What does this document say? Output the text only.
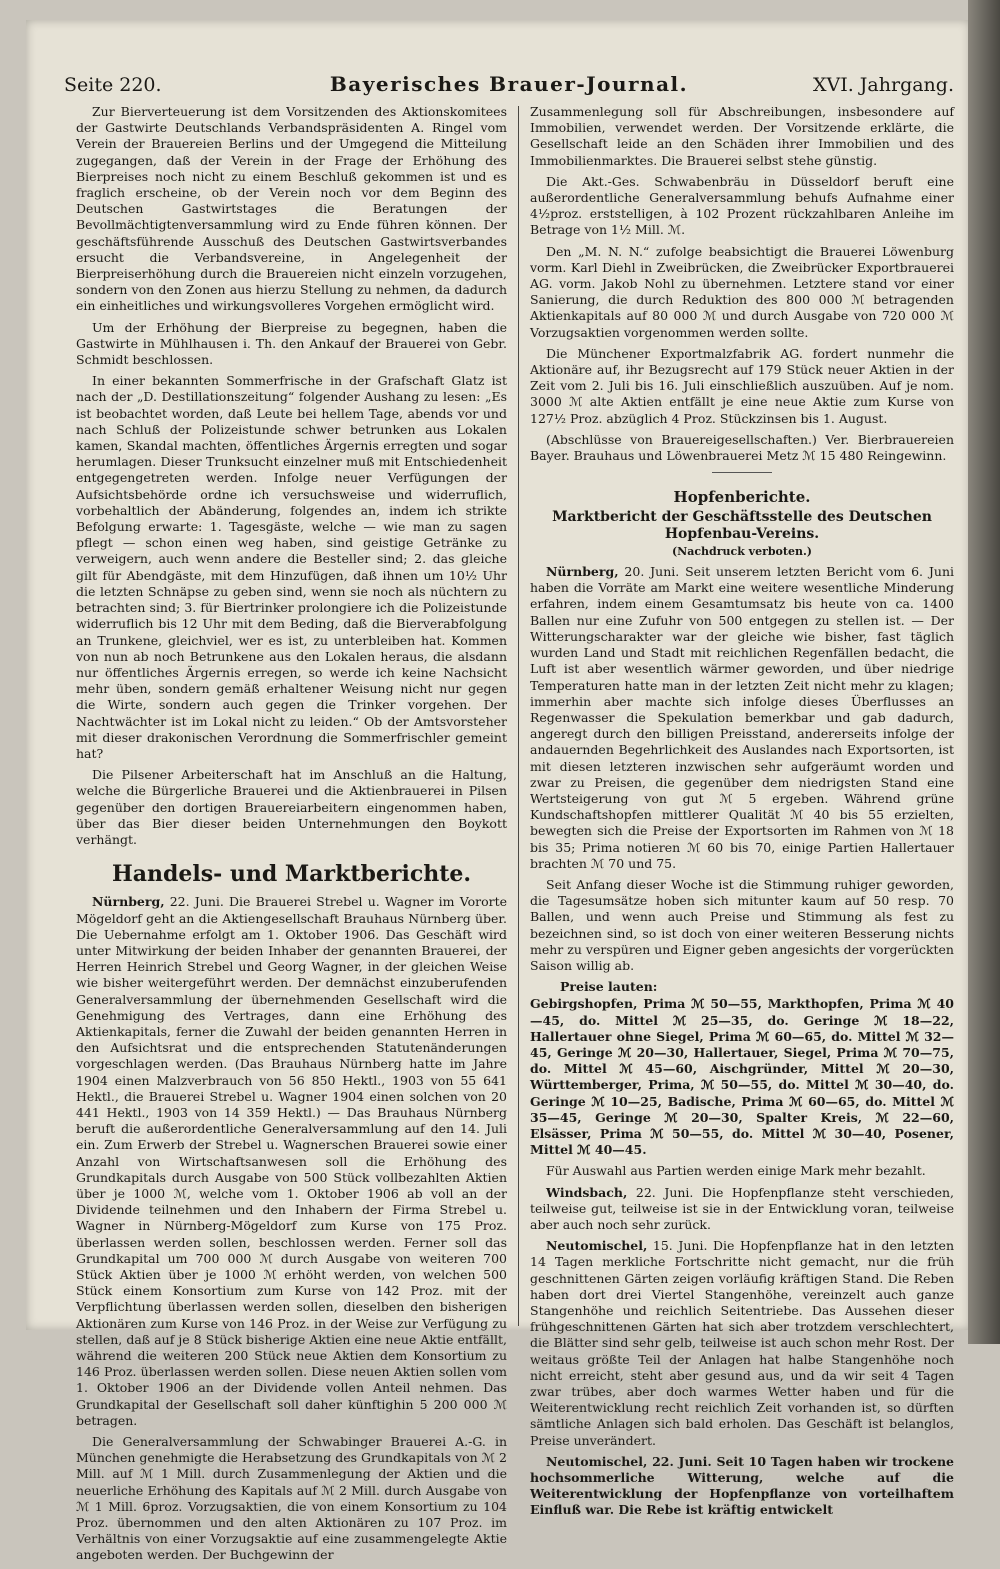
Seite 220.	Bayerisches Brauer-Journal.	XVI. Jahrgang.

Zur Bierverteuerung ist dem Vorsitzenden des Aktionskomitees der Gastwirte Deutschlands Verbandspräsidenten A. Ringel vom Verein der Brauereien Berlins und der Umgegend die Mitteilung zugegangen, daß der Verein in der Frage der Erhöhung des Bierpreises noch nicht zu einem Beschluß gekommen ist und es fraglich erscheine, ob der Verein noch vor dem Beginn des Deutschen Gastwirtstages die Beratungen der Bevollmächtigtenversammlung wird zu Ende führen können. Der geschäftsführende Ausschuß des Deutschen Gastwirtsverbandes ersucht die Verbandsvereine, in Angelegenheit der Bierpreiserhöhung durch die Brauereien nicht einzeln vorzugehen, sondern von den Zonen aus hierzu Stellung zu nehmen, da dadurch ein einheitliches und wirkungsvolleres Vorgehen ermöglicht wird.

Um der Erhöhung der Bierpreise zu begegnen, haben die Gastwirte in Mühlhausen i. Th. den Ankauf der Brauerei von Gebr. Schmidt beschlossen.

In einer bekannten Sommerfrische in der Grafschaft Glatz ist nach der „D. Destillationszeitung“ folgender Aushang zu lesen: „Es ist beobachtet worden, daß Leute bei hellem Tage, abends vor und nach Schluß der Polizeistunde schwer betrunken aus Lokalen kamen, Skandal machten, öffentliches Ärgernis erregten und sogar herumlagen. Dieser Trunksucht einzelner muß mit Entschiedenheit entgegengetreten werden. Infolge neuer Verfügungen der Aufsichtsbehörde ordne ich versuchsweise und widerruflich, vorbehaltlich der Abänderung, folgendes an, indem ich strikte Befolgung erwarte: 1. Tagesgäste, welche — wie man zu sagen pflegt — schon einen weg haben, sind geistige Getränke zu verweigern, auch wenn andere die Besteller sind; 2. das gleiche gilt für Abendgäste, mit dem Hinzufügen, daß ihnen um 10½ Uhr die letzten Schnäpse zu geben sind, wenn sie noch als nüchtern zu betrachten sind; 3. für Biertrinker prolongiere ich die Polizeistunde widerruflich bis 12 Uhr mit dem Beding, daß die Bierverabfolgung an Trunkene, gleichviel, wer es ist, zu unterbleiben hat. Kommen von nun ab noch Betrunkene aus den Lokalen heraus, die alsdann nur öffentliches Ärgernis erregen, so werde ich keine Nachsicht mehr üben, sondern gemäß erhaltener Weisung nicht nur gegen die Wirte, sondern auch gegen die Trinker vorgehen. Der Nachtwächter ist im Lokal nicht zu leiden.“ Ob der Amtsvorsteher mit dieser drakonischen Verordnung die Sommerfrischler gemeint hat?

Die Pilsener Arbeiterschaft hat im Anschluß an die Haltung, welche die Bürgerliche Brauerei und die Aktienbrauerei in Pilsen gegenüber den dortigen Brauereiarbeitern eingenommen haben, über das Bier dieser beiden Unternehmungen den Boykott verhängt.

Handels- und Marktberichte.

Nürnberg, 22. Juni. Die Brauerei Strebel u. Wagner im Vororte Mögeldorf geht an die Aktiengesellschaft Brauhaus Nürnberg über. Die Uebernahme erfolgt am 1. Oktober 1906. Das Geschäft wird unter Mitwirkung der beiden Inhaber der genannten Brauerei, der Herren Heinrich Strebel und Georg Wagner, in der gleichen Weise wie bisher weitergeführt werden. Der demnächst einzuberufenden Generalversammlung der übernehmenden Gesellschaft wird die Genehmigung des Vertrages, dann eine Erhöhung des Aktienkapitals, ferner die Zuwahl der beiden genannten Herren in den Aufsichtsrat und die entsprechenden Statutenänderungen vorgeschlagen werden. (Das Brauhaus Nürnberg hatte im Jahre 1904 einen Malzverbrauch von 56 850 Hektl., 1903 von 55 641 Hektl., die Brauerei Strebel u. Wagner 1904 einen solchen von 20 441 Hektl., 1903 von 14 359 Hektl.) — Das Brauhaus Nürnberg beruft die außerordentliche Generalversammlung auf den 14. Juli ein. Zum Erwerb der Strebel u. Wagnerschen Brauerei sowie einer Anzahl von Wirtschaftsanwesen soll die Erhöhung des Grundkapitals durch Ausgabe von 500 Stück vollbezahlten Aktien über je 1000 ℳ, welche vom 1. Oktober 1906 ab voll an der Dividende teilnehmen und den Inhabern der Firma Strebel u. Wagner in Nürnberg-Mögeldorf zum Kurse von 175 Proz. überlassen werden sollen, beschlossen werden. Ferner soll das Grundkapital um 700 000 ℳ durch Ausgabe von weiteren 700 Stück Aktien über je 1000 ℳ erhöht werden, von welchen 500 Stück einem Konsortium zum Kurse von 142 Proz. mit der Verpflichtung überlassen werden sollen, dieselben den bisherigen Aktionären zum Kurse von 146 Proz. in der Weise zur Verfügung zu stellen, daß auf je 8 Stück bisherige Aktien eine neue Aktie entfällt, während die weiteren 200 Stück neue Aktien dem Konsortium zu 146 Proz. überlassen werden sollen. Diese neuen Aktien sollen vom 1. Oktober 1906 an der Dividende vollen Anteil nehmen. Das Grundkapital der Gesellschaft soll daher künftighin 5 200 000 ℳ betragen.

Die Generalversammlung der Schwabinger Brauerei A.-G. in München genehmigte die Herabsetzung des Grundkapitals von ℳ 2 Mill. auf ℳ 1 Mill. durch Zusammenlegung der Aktien und die neuerliche Erhöhung des Kapitals auf ℳ 2 Mill. durch Ausgabe von ℳ 1 Mill. 6proz. Vorzugsaktien, die von einem Konsortium zu 104 Proz. übernommen und den alten Aktionären zu 107 Proz. im Verhältnis von einer Vorzugsaktie auf eine zusammengelegte Aktie angeboten werden. Der Buchgewinn der

Zusammenlegung soll für Abschreibungen, insbesondere auf Immobilien, verwendet werden. Der Vorsitzende erklärte, die Gesellschaft leide an den Schäden ihrer Immobilien und des Immobilienmarktes. Die Brauerei selbst stehe günstig.

Die Akt.-Ges. Schwabenbräu in Düsseldorf beruft eine außerordentliche Generalversammlung behufs Aufnahme einer 4½proz. erststelligen, à 102 Prozent rückzahlbaren Anleihe im Betrage von 1½ Mill. ℳ.

Den „M. N. N.“ zufolge beabsichtigt die Brauerei Löwenburg vorm. Karl Diehl in Zweibrücken, die Zweibrücker Exportbrauerei AG. vorm. Jakob Nohl zu übernehmen. Letztere stand vor einer Sanierung, die durch Reduktion des 800 000 ℳ betragenden Aktienkapitals auf 80 000 ℳ und durch Ausgabe von 720 000 ℳ Vorzugsaktien vorgenommen werden sollte.

Die Münchener Exportmalzfabrik AG. fordert nunmehr die Aktionäre auf, ihr Bezugsrecht auf 179 Stück neuer Aktien in der Zeit vom 2. Juli bis 16. Juli einschließlich auszuüben. Auf je nom. 3000 ℳ alte Aktien entfällt je eine neue Aktie zum Kurse von 127½ Proz. abzüglich 4 Proz. Stückzinsen bis 1. August.

(Abschlüsse von Brauereigesellschaften.) Ver. Bierbrauereien Bayer. Brauhaus und Löwenbrauerei Metz ℳ 15 480 Reingewinn.

Hopfenberichte.
Marktbericht der Geschäftsstelle des Deutschen Hopfenbau-Vereins.
(Nachdruck verboten.)

Nürnberg, 20. Juni. Seit unserem letzten Bericht vom 6. Juni haben die Vorräte am Markt eine weitere wesentliche Minderung erfahren, indem einem Gesamtumsatz bis heute von ca. 1400 Ballen nur eine Zufuhr von 500 entgegen zu stellen ist. — Der Witterungscharakter war der gleiche wie bisher, fast täglich wurden Land und Stadt mit reichlichen Regenfällen bedacht, die Luft ist aber wesentlich wärmer geworden, und über niedrige Temperaturen hatte man in der letzten Zeit nicht mehr zu klagen; immerhin aber machte sich infolge dieses Überflusses an Regenwasser die Spekulation bemerkbar und gab dadurch, angeregt durch den billigen Preisstand, andererseits infolge der andauernden Begehrlichkeit des Auslandes nach Exportsorten, ist mit diesen letzteren inzwischen sehr aufgeräumt worden und zwar zu Preisen, die gegenüber dem niedrigsten Stand eine Wertsteigerung von gut ℳ 5 ergeben. Während grüne Kundschaftshopfen mittlerer Qualität ℳ 40 bis 55 erzielten, bewegten sich die Preise der Exportsorten im Rahmen von ℳ 18 bis 35; Prima notieren ℳ 60 bis 70, einige Partien Hallertauer brachten ℳ 70 und 75.

Seit Anfang dieser Woche ist die Stimmung ruhiger geworden, die Tagesumsätze hoben sich mitunter kaum auf 50 resp. 70 Ballen, und wenn auch Preise und Stimmung als fest zu bezeichnen sind, so ist doch von einer weiteren Besserung nichts mehr zu verspüren und Eigner geben angesichts der vorgerückten Saison willig ab.

Preise lauten:

Gebirgshopfen, Prima ℳ 50—55, Markthopfen, Prima ℳ 40—45, do. Mittel ℳ 25—35, do. Geringe ℳ 18—22, Hallertauer ohne Siegel, Prima ℳ 60—65, do. Mittel ℳ 32—45, Geringe ℳ 20—30, Hallertauer, Siegel, Prima ℳ 70—75, do. Mittel ℳ 45—60, Aischgründer, Mittel ℳ 20—30, Württemberger, Prima, ℳ 50—55, do. Mittel ℳ 30—40, do. Geringe ℳ 10—25, Badische, Prima ℳ 60—65, do. Mittel ℳ 35—45, Geringe ℳ 20—30, Spalter Kreis, ℳ 22—60, Elsässer, Prima ℳ 50—55, do. Mittel ℳ 30—40, Posener, Mittel ℳ 40—45.

Für Auswahl aus Partien werden einige Mark mehr bezahlt.

Windsbach, 22. Juni. Die Hopfenpflanze steht verschieden, teilweise gut, teilweise ist sie in der Entwicklung voran, teilweise aber auch noch sehr zurück.

Neutomischel, 15. Juni. Die Hopfenpflanze hat in den letzten 14 Tagen merkliche Fortschritte nicht gemacht, nur die früh geschnittenen Gärten zeigen vorläufig kräftigen Stand. Die Reben haben dort drei Viertel Stangenhöhe, vereinzelt auch ganze Stangenhöhe und reichlich Seitentriebe. Das Aussehen dieser frühgeschnittenen Gärten hat sich aber trotzdem verschlechtert, die Blätter sind sehr gelb, teilweise ist auch schon mehr Rost. Der weitaus größte Teil der Anlagen hat halbe Stangenhöhe noch nicht erreicht, steht aber gesund aus, und da wir seit 4 Tagen zwar trübes, aber doch warmes Wetter haben und für die Weiterentwicklung recht reichlich Zeit vorhanden ist, so dürften sämtliche Anlagen sich bald erholen. Das Geschäft ist belanglos, Preise unverändert.

Neutomischel, 22. Juni. Seit 10 Tagen haben wir trockene hochsommerliche Witterung, welche auf die Weiterentwicklung der Hopfenpflanze von vorteilhaftem Einfluß war. Die Rebe ist kräftig entwickelt
